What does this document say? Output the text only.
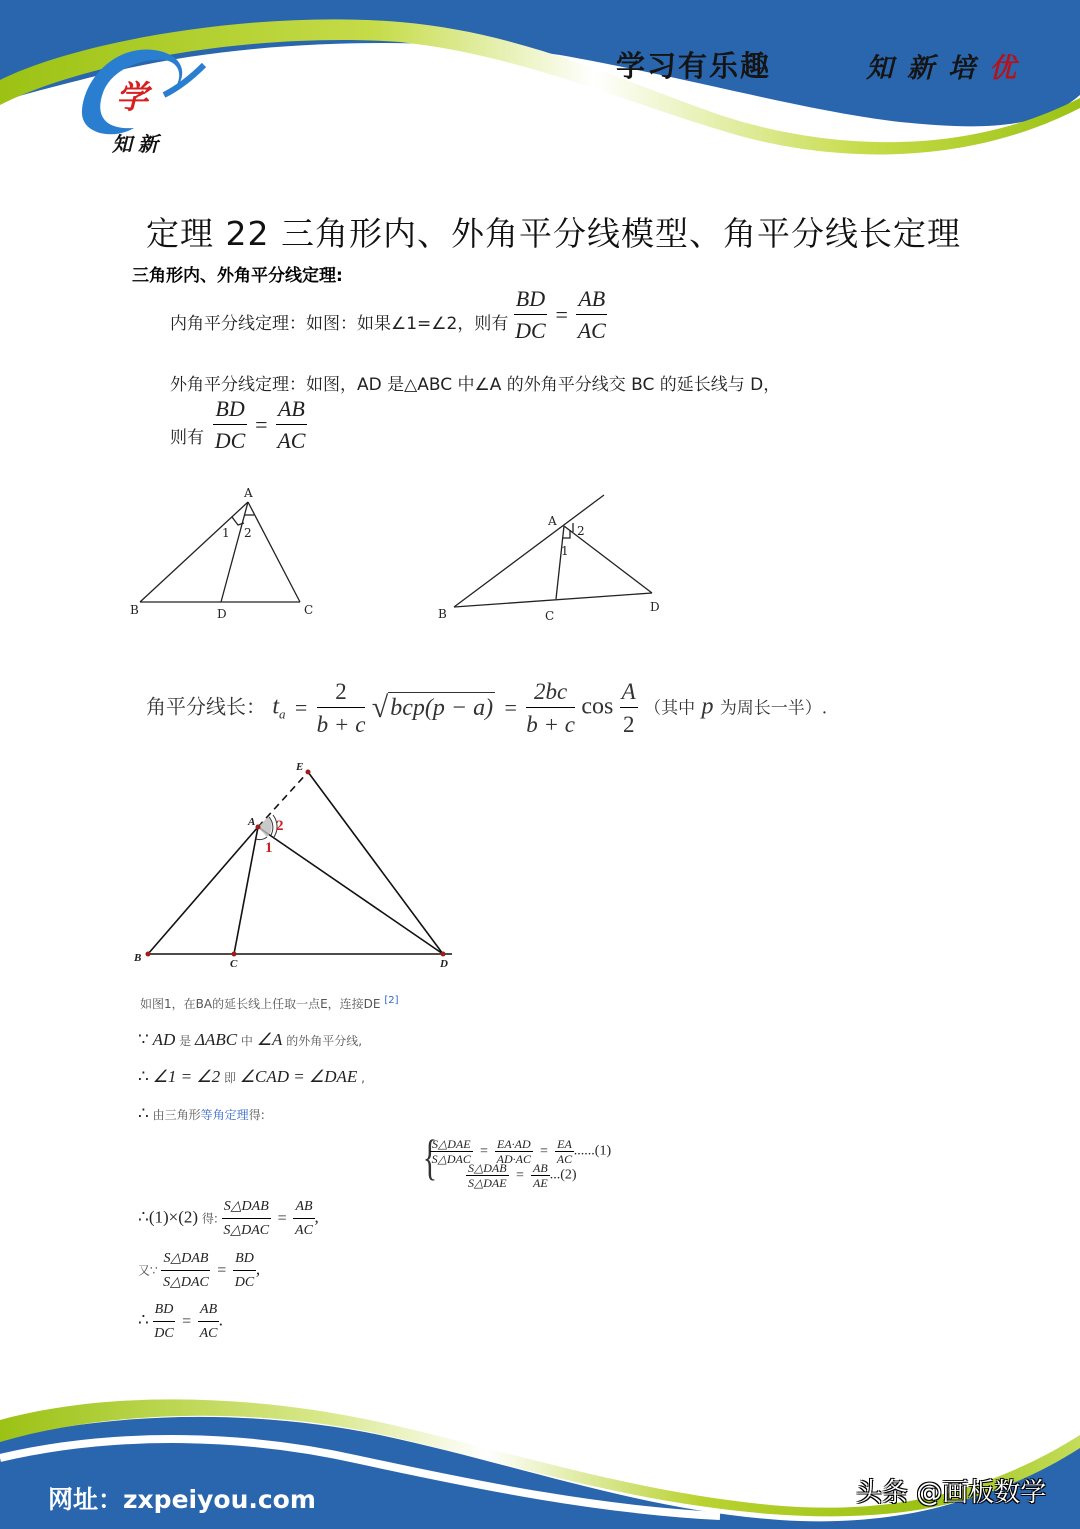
学
知新
学习有乐趣	知新培优
定理 22 三角形内、外角平分线模型、角平分线长定理
三角形内、外角平分线定理:
内角平分线定理：如图：如果∠1=∠2，则有 $\frac{BD}{DC} = \frac{AB}{AC}$
外角平分线定理：如图，AD 是△ABC 中∠A 的外角平分线交 BC 的延长线与 D，
则有 $\frac{BD}{DC} = \frac{AB}{AC}$
A
B	D	C
1 2
A
B	C
D
1
2
角平分线长： $t_a = \frac{2}{b + c} √bcp(p - a) = \frac{2bc}{b + c}$ $\cos \frac{A}{2}$ （其中 p 为周长一半）.
A
B	C	D
E
2
1
如图1，在BA的延长线上任取一点E，连接DE [2]
∵ AD 是 ΔABC 中 ∠A 的外角平分线,
∴ ∠1 = ∠2 即 ∠CAD = ∠DAE ,
∴ 由三角形等角定理得:
{
$\frac{\text{S△DAE}}{\text{S△DAC}} = \frac{EA\cdot AD}{AD\cdot AC} = \frac{EA}{AC} ......(1)$
$\frac{\text{S△DAB}}{\text{S△DAE}} = \frac{AB}{AE} ...(2)$
∴(1)×(2) 得: $\frac{\text{S△DAB}}{\text{S△DAC}} = \frac{AB}{AC}$ ,
又∵ $\frac{\text{S△DAB}}{\text{S△DAC}} = \frac{BD}{DC}$ ,
∴ $\frac{BD}{DC} = \frac{AB}{AC}$ .
网址：zxpeiyou.com	头条 @画板数学
